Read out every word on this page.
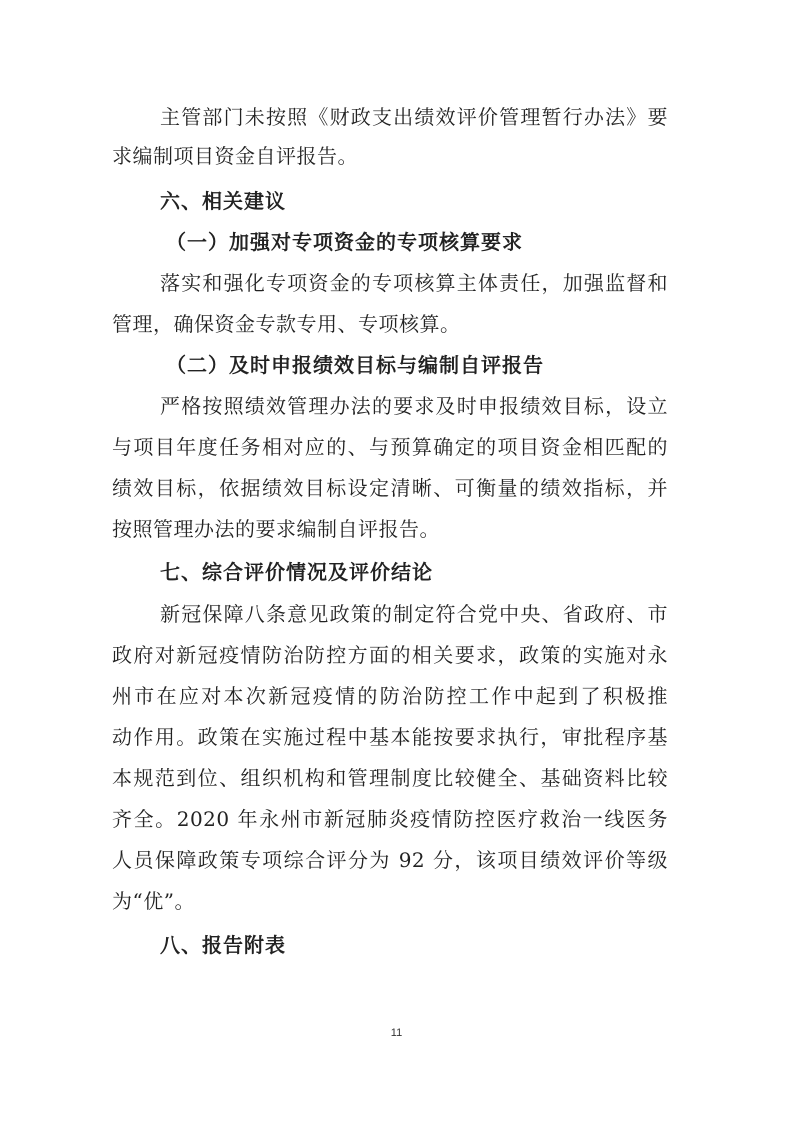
主管部门未按照《财政支出绩效评价管理暂行办法》要
求编制项目资金自评报告。
六、相关建议
（一）加强对专项资金的专项核算要求
落实和强化专项资金的专项核算主体责任，加强监督和
管理，确保资金专款专用、专项核算。
（二）及时申报绩效目标与编制自评报告
严格按照绩效管理办法的要求及时申报绩效目标，设立
与项目年度任务相对应的、与预算确定的项目资金相匹配的
绩效目标，依据绩效目标设定清晰、可衡量的绩效指标，并
按照管理办法的要求编制自评报告。
七、综合评价情况及评价结论
新冠保障八条意见政策的制定符合党中央、省政府、市
政府对新冠疫情防治防控方面的相关要求，政策的实施对永
州市在应对本次新冠疫情的防治防控工作中起到了积极推
动作用。政策在实施过程中基本能按要求执行，审批程序基
本规范到位、组织机构和管理制度比较健全、基础资料比较
齐全。2020 年永州市新冠肺炎疫情防控医疗救治一线医务
人员保障政策专项综合评分为 92 分，该项目绩效评价等级
为“优”。
八、报告附表
11
